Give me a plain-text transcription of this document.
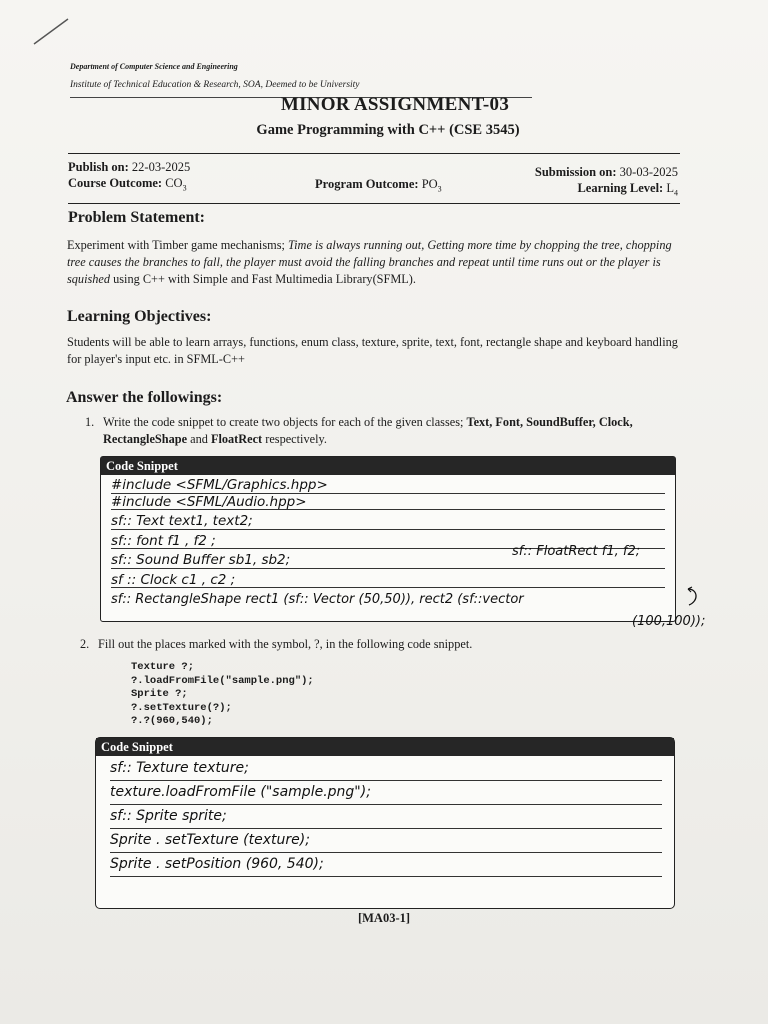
Department of Computer Science and Engineering
Institute of Technical Education & Research, SOA, Deemed to be University
MINOR ASSIGNMENT-03
Game Programming with C++ (CSE 3545)
Publish on: 22-03-2025
Course Outcome: $CO_3$	Program Outcome: $PO_3$
Submission on: 30-03-2025
Learning Level: $L_4$
Problem Statement:
Experiment with Timber game mechanisms; Time is always running out, Getting more time by chopping the tree, chopping tree causes the branches to fall, the player must avoid the falling branches and repeat until time runs out or the player is squished using C++ with Simple and Fast Multimedia Library(SFML).
Learning Objectives:
Students will be able to learn arrays, functions, enum class, texture, sprite, text, font, rectangle shape and keyboard handling for player's input etc. in SFML-C++
Answer the followings:
1. Write the code snippet to create two objects for each of the given classes; Text, Font, SoundBuffer, Clock, RectangleShape and FloatRect respectively.
Code Snippet
#include <SFML/Graphics.hpp>
#include <SFML/Audio.hpp>
sf:: Text text1, text2;
sf:: font f1 , f2 ;
sf:: Sound Buffer sb1, sb2;
sf :: Clock c1 , c2 ;
sf:: RectangleShape rect1 (sf:: Vector (50,50)), rect2 (sf::vector
sf:: FloatRect f1, f2;
(100,100));
2. Fill out the places marked with the symbol, ?, in the following code snippet.
Texture ?;
?.loadFromFile("sample.png");
Sprite ?;
?.setTexture(?);
?.?(960,540);
Code Snippet
sf:: Texture texture;
texture.loadFromFile ("sample.png");
sf:: Sprite sprite;
Sprite . setTexture (texture);
Sprite . setPosition (960, 540);
[MA03-1]
